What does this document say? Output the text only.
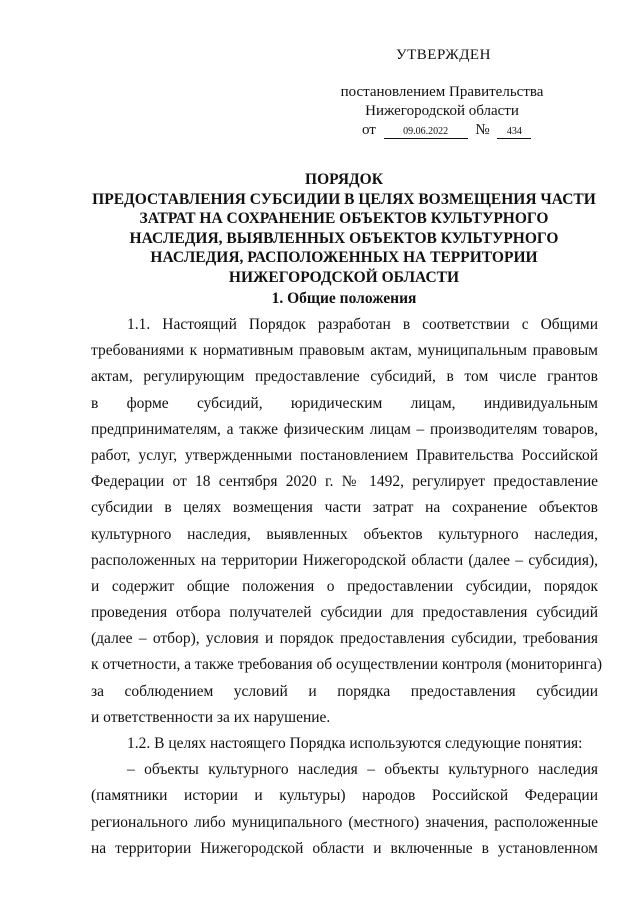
УТВЕРЖДЕН
постановлением Правительства
Нижегородской области
от	09.06.2022 № 434
ПОРЯДОК
ПРЕДОСТАВЛЕНИЯ СУБСИДИИ В ЦЕЛЯХ ВОЗМЕЩЕНИЯ ЧАСТИ
ЗАТРАТ НА СОХРАНЕНИЕ ОБЪЕКТОВ КУЛЬТУРНОГО
НАСЛЕДИЯ, ВЫЯВЛЕННЫХ ОБЪЕКТОВ КУЛЬТУРНОГО
НАСЛЕДИЯ, РАСПОЛОЖЕННЫХ НА ТЕРРИТОРИИ
НИЖЕГОРОДСКОЙ ОБЛАСТИ
1. Общие положения
1.1. Настоящий Порядок разработан в соответствии с Общими
требованиями к нормативным правовым актам, муниципальным правовым
актам, регулирующим предоставление субсидий, в том числе грантов
в форме субсидий, юридическим лицам, индивидуальным
предпринимателям, а также физическим лицам – производителям товаров,
работ, услуг, утвержденными постановлением Правительства Российской
Федерации от 18 сентября 2020 г. № 1492, регулирует предоставление
субсидии в целях возмещения части затрат на сохранение объектов
культурного наследия, выявленных объектов культурного наследия,
расположенных на территории Нижегородской области (далее – субсидия),
и содержит общие положения о предоставлении субсидии, порядок
проведения отбора получателей субсидии для предоставления субсидий
(далее – отбор), условия и порядок предоставления субсидии, требования
к отчетности, а также требования об осуществлении контроля (мониторинга)
за соблюдением условий и порядка предоставления субсидии
и ответственности за их нарушение.
1.2. В целях настоящего Порядка используются следующие понятия:
– объекты культурного наследия – объекты культурного наследия
(памятники истории и культуры) народов Российской Федерации
регионального либо муниципального (местного) значения, расположенные
на территории Нижегородской области и включенные в установленном
